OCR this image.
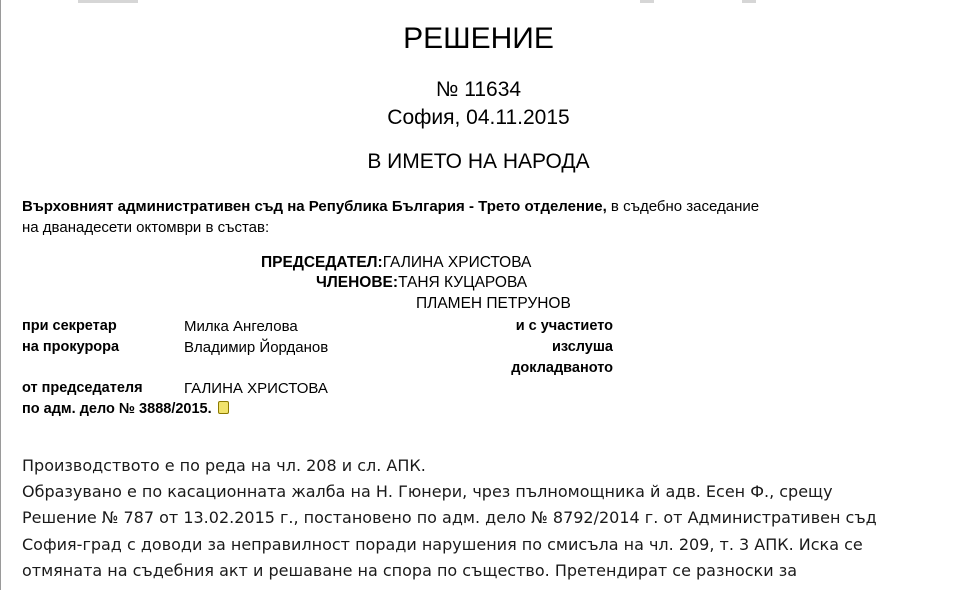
РЕШЕНИЕ
№ 11634
София, 04.11.2015
В ИМЕТО НА НАРОДА
Върховният административен съд на Република България - Трето отделение, в съдебно заседание
на дванадесети октомври в състав:
ПРЕДСЕДАТЕЛ:ГАЛИНА ХРИСТОВА
ЧЛЕНОВЕ:ТАНЯ КУЦАРОВА
ПЛАМЕН ПЕТРУНОВ
при секретар	Милка Ангелова	и с участието
на прокурора	Владимир Йорданов	изслуша
докладваното
от председателя	ГАЛИНА ХРИСТОВА
по адм. дело № 3888/2015.

Производството е по реда на чл. 208 и сл. АПК.

Образувано е по касационната жалба на Н. Гюнери, чрез пълномощника й адв. Есен Ф., срещу

Решение № 787 от 13.02.2015 г., постановено по адм. дело № 8792/2014 г. от Административен съд

София-град с доводи за неправилност поради нарушения по смисъла на чл. 209, т. 3 АПК. Иска се

отмяната на съдебния акт и решаване на спора по същество. Претендират се разноски за
